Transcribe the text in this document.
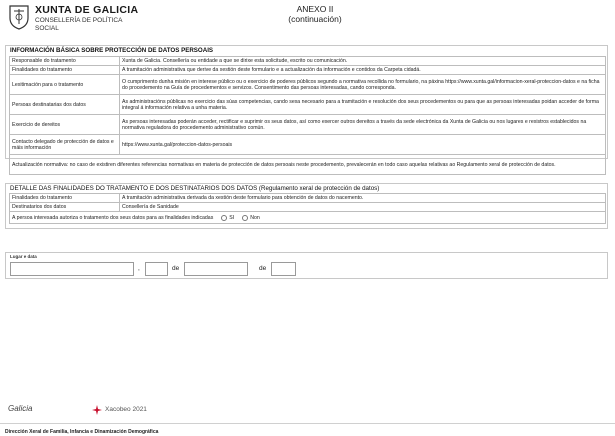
XUNTA DE GALICIA
CONSELLERÍA DE POLÍTICA SOCIAL
ANEXO II
(continuación)
INFORMACIÓN BÁSICA SOBRE PROTECCIÓN DE DATOS PERSOAIS
Responsable do tratamento	Xunta de Galicia. Consellería ou entidade a que se dirixe esta solicitude, escrito ou comunicación.
Finalidades do tratamento	A tramitación administrativa que derive da xestión deste formulario e a actualización da información e contidos da Carpeta cidadá.
Lexitimación para o tratamento	O cumprimento dunha misión en interese público ou o exercicio de poderes públicos segundo a normativa recollida no formulario, na páxina https://www.xunta.gal/informacion-xeral-proteccion-datos e na ficha do procedemento na Guía de procedementos e servizos. Consentimento das persoas interesadas, cando corresponda.
Persoas destinatarias dos datos	As administracións públicas no exercicio das súas competencias, cando sexa necesario para a tramitación e resolución dos seus procedementos ou para que as persoas interesadas poidan acceder de forma integral á información relativa a unha materia.
Exercicio de dereitos	As persoas interesadas poderán acceder, rectificar e suprimir os seus datos, así como exercer outros dereitos a través da sede electrónica da Xunta de Galicia ou nos lugares e rexistros establecidos na normativa reguladora do procedemento administrativo común.
Contacto delegado de protección de datos e máis información	https://www.xunta.gal/proteccion-datos-persoais
Actualización normativa: no caso de existiren diferentes referencias normativas en materia de protección de datos persoais neste procedemento, prevalecerán en todo caso aquelas relativas ao Regulamento xeral de protección de datos.	
DETALLE DAS FINALIDADES DO TRATAMENTO E DOS DESTINATARIOS DOS DATOS (Regulamento xeral de protección de datos)
Finalidades do tratamento	A tramitación administrativa derivada da xestión deste formulario para obtención de datos do nacemento.
Destinatarios dos datos	Consellería de Sanidade

A persoa interesada autoriza o tratamento dos seus datos para as finalidades indicadas SI Non	
Lugar e data
,	de	de
Galicia	Xacobeo 2021
Dirección Xeral de Familia, Infancia e Dinamización Demográfica
